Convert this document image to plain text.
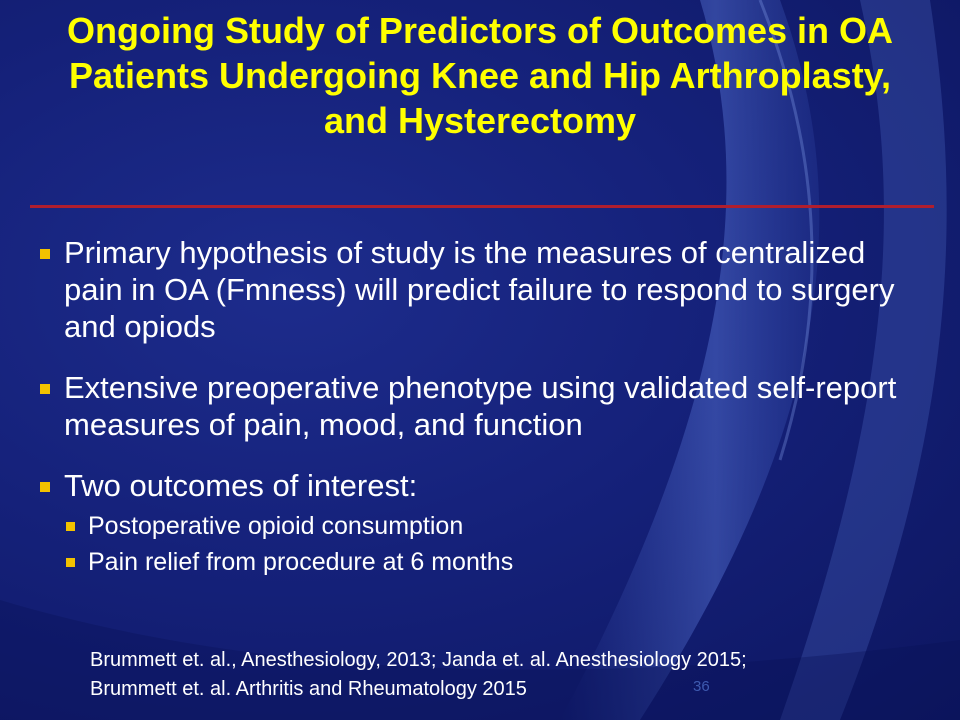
Ongoing Study of Predictors of Outcomes in OA Patients Undergoing Knee and Hip Arthroplasty, and Hysterectomy
Primary hypothesis of study is the measures of centralized pain in OA (Fmness) will predict failure to respond to surgery and opiods
Extensive preoperative phenotype using validated self-report measures of pain, mood, and function
Two outcomes of interest:
Postoperative opioid consumption
Pain relief from procedure at 6 months

Brummett et. al., Anesthesiology, 2013; Janda et. al. Anesthesiology 2015;
Brummett et. al. Arthritis and Rheumatology 2015	36
